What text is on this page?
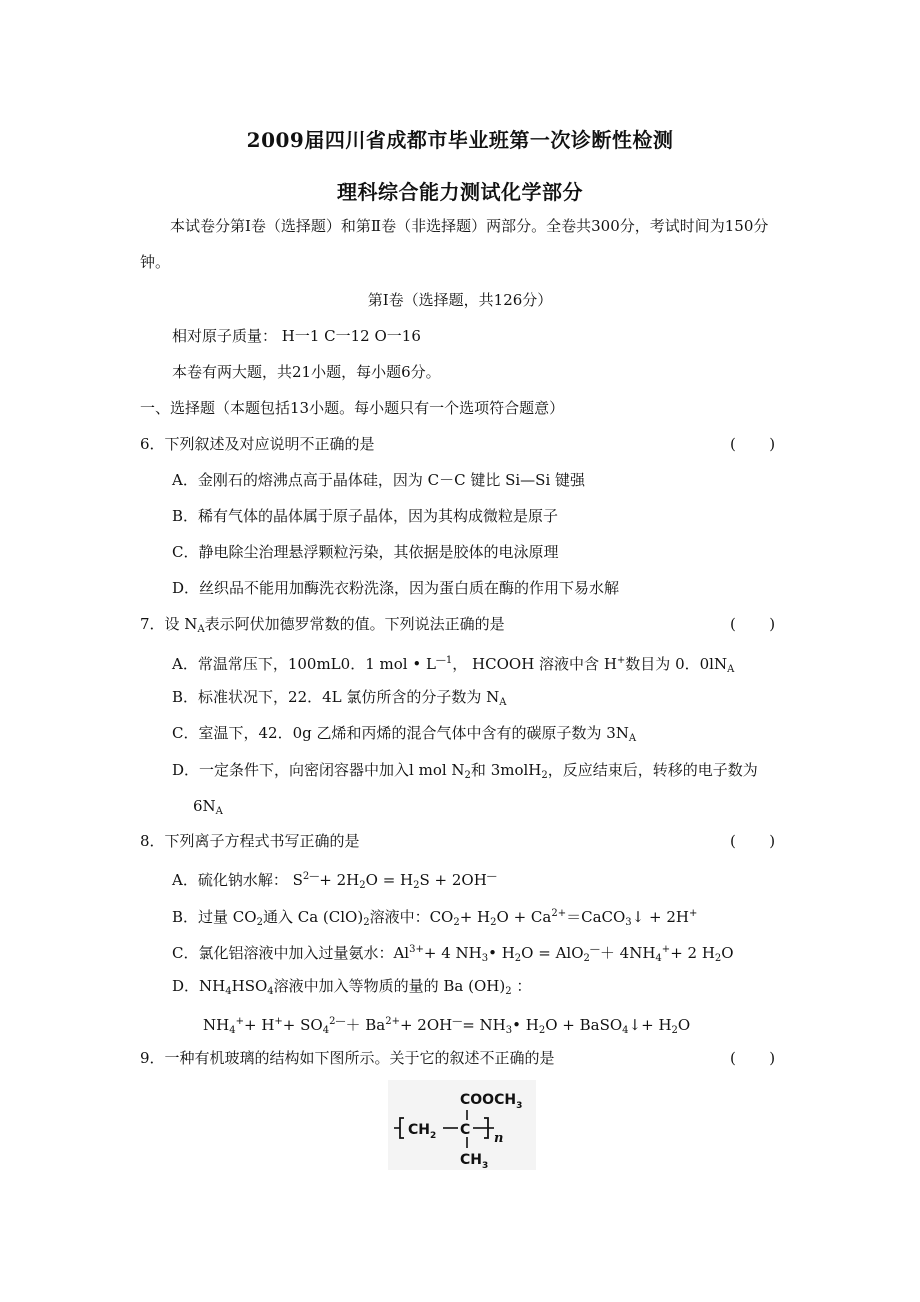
2009届四川省成都市毕业班第一次诊断性检测
理科综合能力测试化学部分
本试卷分第Ⅰ卷（选择题）和第Ⅱ卷（非选择题）两部分。全卷共300分，考试时间为150分钟。
第Ⅰ卷（选择题，共126分）
相对原子质量： H一1 C一12 O一16
本卷有两大题，共21小题，每小题6分。
一、选择题（本题包括13小题。每小题只有一个选项符合题意）
6．下列叙述及对应说明不正确的是	(       )
A．金刚石的熔沸点高于晶体硅，因为 C－C 键比 Si—Si 键强
B．稀有气体的晶体属于原子晶体，因为其构成微粒是原子
C．静电除尘治理悬浮颗粒污染，其依据是胶体的电泳原理
D．丝织品不能用加酶洗衣粉洗涤，因为蛋白质在酶的作用下易水解
7．设 $N_A$表示阿伏加德罗常数的值。下列说法正确的是	(       )
A．常温常压下，100mL0．1 mol • $L^{—1}$， HCOOH 溶液中含 H+数目为 0．$0lN_A$
B．标准状况下，22．4L 氯仿所含的分子数为 $N_A$
C．室温下，42．0g 乙烯和丙烯的混合气体中含有的碳原子数为 $3N_A$
D．一定条件下，向密闭容器中加入l mol $N_2$和 3molH$_2$，反应结束后，转移的电子数为
$6N_A$
8．下列离子方程式书写正确的是	(       )
A．硫化钠水解： $S^{2—}+ 2H_2O = H_2S + 2OH^—$
B．过量 $CO_2$通入 Ca $(ClO)_2$溶液中：$CO_2+ H_2O$ + $Ca^{2+}=CaCO_3↓ + 2H^+$
C．氯化铝溶液中加入过量氨水：$Al^{3+}+ 4$ $NH_3•$ $H_2O = AlO_2^—+ 4NH_4^++ 2$ $H_2O$
D．$NH_4HSO_4$溶液中加入等物质的量的 Ba $(OH)_2$ ：
$NH_4^++ H^++ SO_4^{2—}+ Ba^{2+}+ 2OH^—=$ $NH_3•$ $H_2O$ + BaSO$_4$↓+ $H_2O$
9．一种有机玻璃的结构如下图所示。关于它的叙述不正确的是	(       )
$COOCH_3$
$CH_2$ C
n
$CH_3$
